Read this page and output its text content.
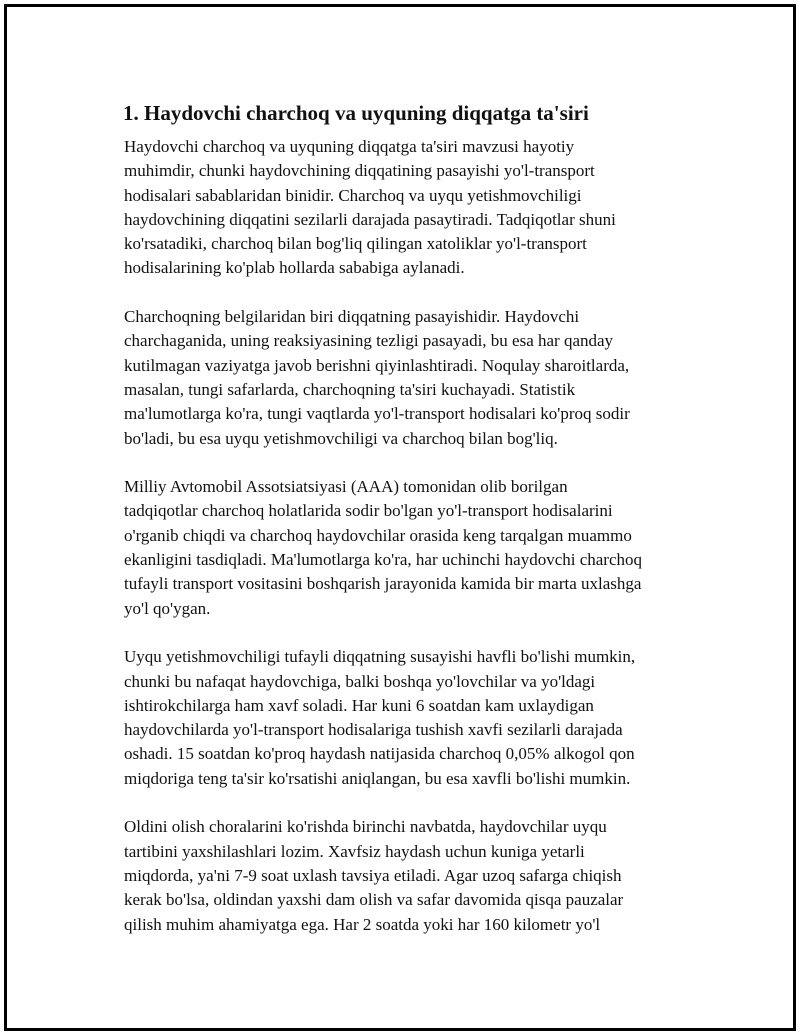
1. Haydovchi charchoq va uyquning diqqatga ta'siri

Haydovchi charchoq va uyquning diqqatga ta'siri mavzusi hayotiy
muhimdir, chunki haydovchining diqqatining pasayishi yo'l-transport
hodisalari sabablaridan binidir. Charchoq va uyqu yetishmovchiligi
haydovchining diqqatini sezilarli darajada pasaytiradi. Tadqiqotlar shuni
ko'rsatadiki, charchoq bilan bog'liq qilingan xatoliklar yo'l-transport
hodisalarining ko'plab hollarda sababiga aylanadi.

Charchoqning belgilaridan biri diqqatning pasayishidir. Haydovchi
charchaganida, uning reaksiyasining tezligi pasayadi, bu esa har qanday
kutilmagan vaziyatga javob berishni qiyinlashtiradi. Noqulay sharoitlarda,
masalan, tungi safarlarda, charchoqning ta'siri kuchayadi. Statistik
ma'lumotlarga ko'ra, tungi vaqtlarda yo'l-transport hodisalari ko'proq sodir
bo'ladi, bu esa uyqu yetishmovchiligi va charchoq bilan bog'liq.

Milliy Avtomobil Assotsiatsiyasi (AAA) tomonidan olib borilgan
tadqiqotlar charchoq holatlarida sodir bo'lgan yo'l-transport hodisalarini
o'rganib chiqdi va charchoq haydovchilar orasida keng tarqalgan muammo
ekanligini tasdiqladi. Ma'lumotlarga ko'ra, har uchinchi haydovchi charchoq
tufayli transport vositasini boshqarish jarayonida kamida bir marta uxlashga
yo'l qo'ygan.

Uyqu yetishmovchiligi tufayli diqqatning susayishi havfli bo'lishi mumkin,
chunki bu nafaqat haydovchiga, balki boshqa yo'lovchilar va yo'ldagi
ishtirokchilarga ham xavf soladi. Har kuni 6 soatdan kam uxlaydigan
haydovchilarda yo'l-transport hodisalariga tushish xavfi sezilarli darajada
oshadi. 15 soatdan ko'proq haydash natijasida charchoq 0,05% alkogol qon
miqdoriga teng ta'sir ko'rsatishi aniqlangan, bu esa xavfli bo'lishi mumkin.

Oldini olish choralarini ko'rishda birinchi navbatda, haydovchilar uyqu
tartibini yaxshilashlari lozim. Xavfsiz haydash uchun kuniga yetarli
miqdorda, ya'ni 7-9 soat uxlash tavsiya etiladi. Agar uzoq safarga chiqish
kerak bo'lsa, oldindan yaxshi dam olish va safar davomida qisqa pauzalar
qilish muhim ahamiyatga ega. Har 2 soatda yoki har 160 kilometr yo'l
